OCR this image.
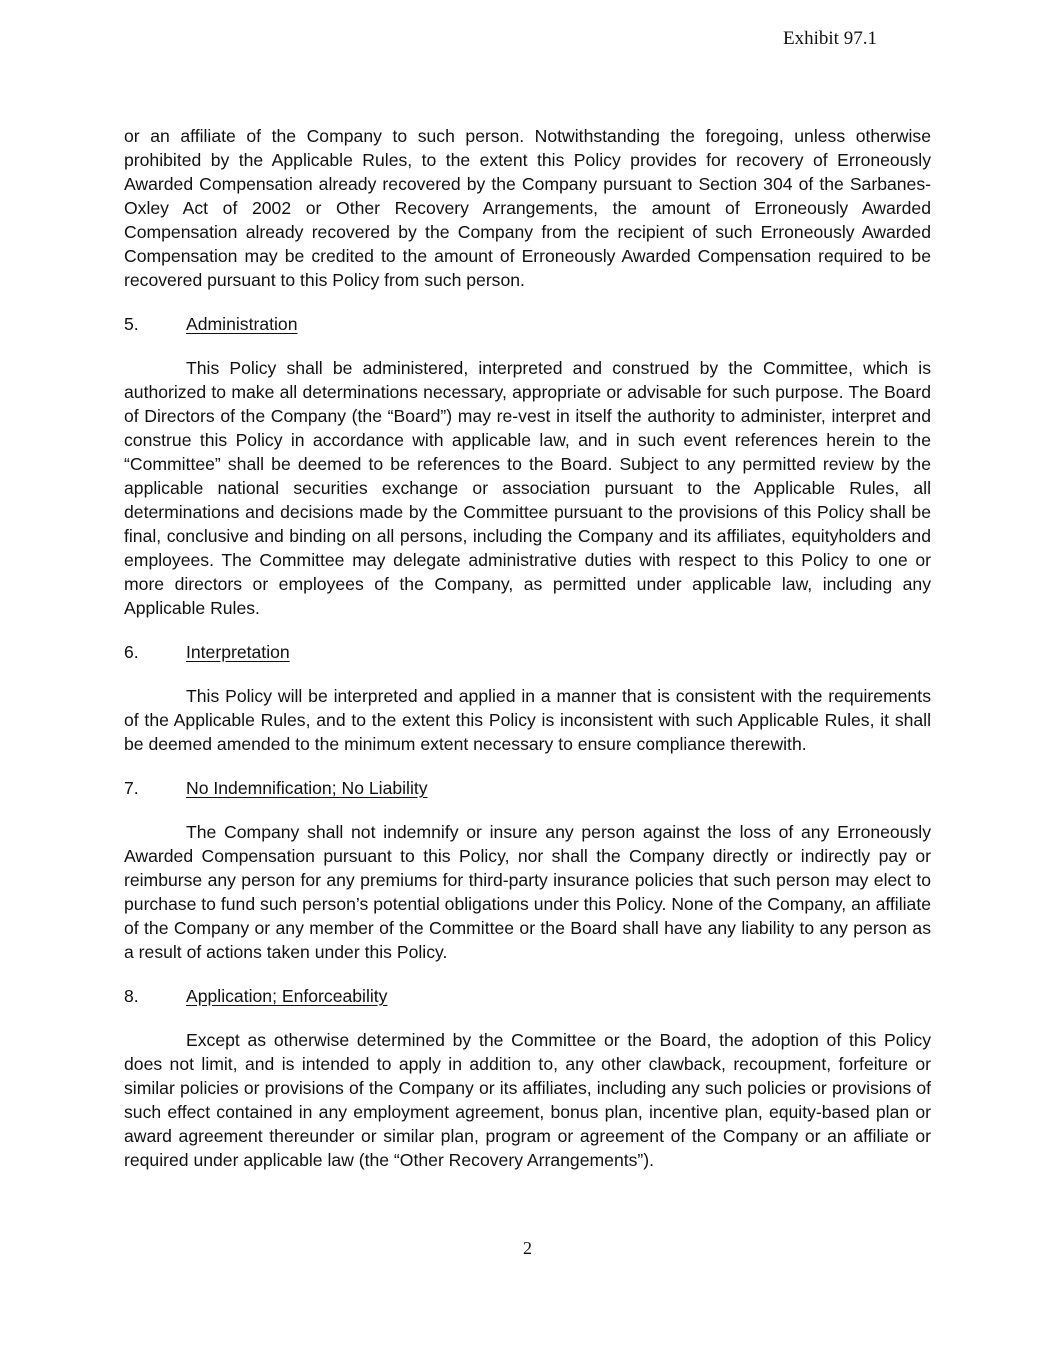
Exhibit 97.1

or an affiliate of the Company to such person. Notwithstanding the foregoing, unless otherwise prohibited by the Applicable Rules, to the extent this Policy provides for recovery of Erroneously Awarded Compensation already recovered by the Company pursuant to Section 304 of the Sarbanes-Oxley Act of 2002 or Other Recovery Arrangements, the amount of Erroneously Awarded Compensation already recovered by the Company from the recipient of such Erroneously Awarded Compensation may be credited to the amount of Erroneously Awarded Compensation required to be recovered pursuant to this Policy from such person.

5.	Administration

This Policy shall be administered, interpreted and construed by the Committee, which is authorized to make all determinations necessary, appropriate or advisable for such purpose. The Board of Directors of the Company (the “Board”) may re-vest in itself the authority to administer, interpret and construe this Policy in accordance with applicable law, and in such event references herein to the “Committee” shall be deemed to be references to the Board. Subject to any permitted review by the applicable national securities exchange or association pursuant to the Applicable Rules, all determinations and decisions made by the Committee pursuant to the provisions of this Policy shall be final, conclusive and binding on all persons, including the Company and its affiliates, equityholders and employees. The Committee may delegate administrative duties with respect to this Policy to one or more directors or employees of the Company, as permitted under applicable law, including any Applicable Rules.

6.	Interpretation

This Policy will be interpreted and applied in a manner that is consistent with the requirements of the Applicable Rules, and to the extent this Policy is inconsistent with such Applicable Rules, it shall be deemed amended to the minimum extent necessary to ensure compliance therewith.

7.	No Indemnification; No Liability

The Company shall not indemnify or insure any person against the loss of any Erroneously Awarded Compensation pursuant to this Policy, nor shall the Company directly or indirectly pay or reimburse any person for any premiums for third-party insurance policies that such person may elect to purchase to fund such person’s potential obligations under this Policy. None of the Company, an affiliate of the Company or any member of the Committee or the Board shall have any liability to any person as a result of actions taken under this Policy.

8.	Application; Enforceability

Except as otherwise determined by the Committee or the Board, the adoption of this Policy does not limit, and is intended to apply in addition to, any other clawback, recoupment, forfeiture or similar policies or provisions of the Company or its affiliates, including any such policies or provisions of such effect contained in any employment agreement, bonus plan, incentive plan, equity-based plan or award agreement thereunder or similar plan, program or agreement of the Company or an affiliate or required under applicable law (the “Other Recovery Arrangements”).

2
